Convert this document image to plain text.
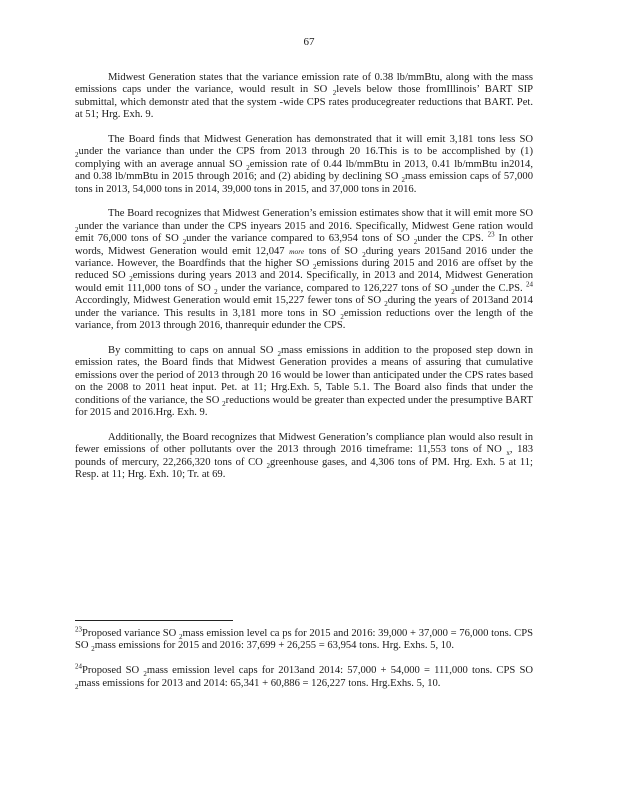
67

Midwest Generation states that the variance emission rate of 0.38 lb/mmBtu, along with the mass emissions caps under the variance, would result in SO $_2$levels below those fromIllinois’ BART SIP submittal, which demonstr ated that the system -wide CPS rates producegreater reductions that BART. Pet. at 51; Hrg. Exh. 9.

The Board finds that Midwest Generation has demonstrated that it will emit 3,181 tons less SO $_2$under the variance than under the CPS from 2013 through 20 16.This is to be accomplished by (1) complying with an average annual SO $_2$emission rate of 0.44 lb/mmBtu in 2013, 0.41 lb/mmBtu in2014, and 0.38 lb/mmBtu in 2015 through 2016; and (2) abiding by declining SO $_2$mass emission caps of 57,000 tons in 2013, 54,000 tons in 2014, 39,000 tons in 2015, and 37,000 tons in 2016.

The Board recognizes that Midwest Generation’s emission estimates show that it will emit more SO $_2$under the variance than under the CPS inyears 2015 and 2016. Specifically, Midwest Gene ration would emit 76,000 tons of SO $_2$under the variance compared to 63,954 tons of SO $_2$under the CPS. $^{23}$ In other words, Midwest Generation would emit 12,047 more tons of SO $_2$during years 2015and 2016 under the variance. However, the Boardfinds that the higher SO $_2$emissions during 2015 and 2016 are offset by the reduced SO $_2$emissions during years 2013 and 2014. Specifically, in 2013 and 2014, Midwest Generation would emit 111,000 tons of SO $_2$ under the variance, compared to 126,227 tons of SO $_2$under the C.PS. $^{24}$ Accordingly, Midwest Generation would emit 15,227 fewer tons of SO $_2$during the years of 2013and 2014 under the variance. This results in 3,181 more tons in SO $_2$emission reductions over the length of the variance, from 2013 through 2016, thanrequir edunder the CPS.

By committing to caps on annual SO $_2$mass emissions in addition to the proposed step down in emission rates, the Board finds that Midwest Generation provides a means of assuring that cumulative emissions over the period of 2013 through 20 16 would be lower than anticipated under the CPS rates based on the 2008 to 2011 heat input. Pet. at 11; Hrg.Exh. 5, Table 5.1. The Board also finds that under the conditions of the variance, the SO $_2$reductions would be greater than expected under the presumptive BART for 2015 and 2016.Hrg. Exh. 9.

Additionally, the Board recognizes that Midwest Generation’s compliance plan would also result in fewer emissions of other pollutants over the 2013 through 2016 timeframe: 11,553 tons of NO $_x$, 183 pounds of mercury, 22,266,320 tons of CO $_2$greenhouse gases, and 4,306 tons of PM. Hrg. Exh. 5 at 11; Resp. at 11; Hrg. Exh. 10; Tr. at 69.

$^{23}$Proposed variance SO $_2$mass emission level ca ps for 2015 and 2016: 39,000 + 37,000 = 76,000 tons. CPS SO $_2$mass emissions for 2015 and 2016: 37,699 + 26,255 = 63,954 tons. Hrg. Exhs. 5, 10.

$^{24}$Proposed SO $_2$mass emission level caps for 2013and 2014: 57,000 + 54,000 = 111,000 tons. CPS SO $_2$mass emissions for 2013 and 2014: 65,341 + 60,886 = 126,227 tons. Hrg.Exhs. 5, 10.
